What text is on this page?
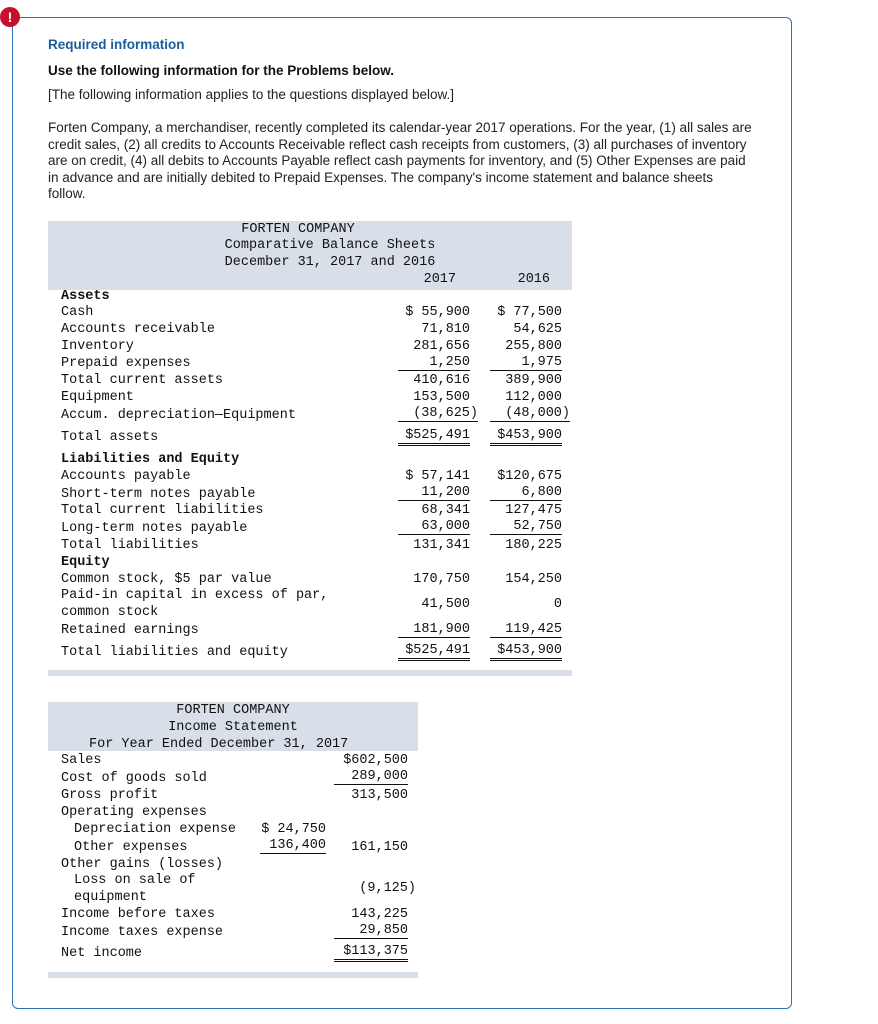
!
Required information
Use the following information for the Problems below.
[The following information applies to the questions displayed below.]
Forten Company, a merchandiser, recently completed its calendar-year 2017 operations. For the year, (1) all sales are credit sales, (2) all credits to Accounts Receivable reflect cash receipts from customers, (3) all purchases of inventory are on credit, (4) all debits to Accounts Payable reflect cash payments for inventory, and (5) Other Expenses are paid in advance and are initially debited to Prepaid Expenses. The company's income statement and balance sheets follow.
FORTEN COMPANY
Comparative Balance Sheets
December 31, 2017 and 2016
2017	2016
Assets
Cash	$ 55,900	$ 77,500
Accounts receivable	71,810	54,625
Inventory	281,656	255,800
Prepaid expenses	1,250	1,975
Total current assets	410,616	389,900
Equipment	153,500	112,000
Accum. depreciation—Equipment	(38,625)	(48,000)
Total assets	$525,491	$453,900
Liabilities and Equity
Accounts payable	$ 57,141	$120,675
Short-term notes payable	11,200	6,800
Total current liabilities	68,341	127,475
Long-term notes payable	63,000	52,750
Total liabilities	131,341	180,225
Equity
Common stock, $5 par value	170,750	154,250
Paid-in capital in excess of par,
common stock
41,500	0
Retained earnings	181,900	119,425
Total liabilities and equity	$525,491	$453,900
FORTEN COMPANY
Income Statement
For Year Ended December 31, 2017
Sales	$602,500
Cost of goods sold	289,000
Gross profit	313,500
Operating expenses
Depreciation expense	$ 24,750
Other expenses	136,400	161,150
Other gains (losses)
Loss on sale of
equipment
(9,125)
Income before taxes	143,225
Income taxes expense	29,850
Net income	$113,375
